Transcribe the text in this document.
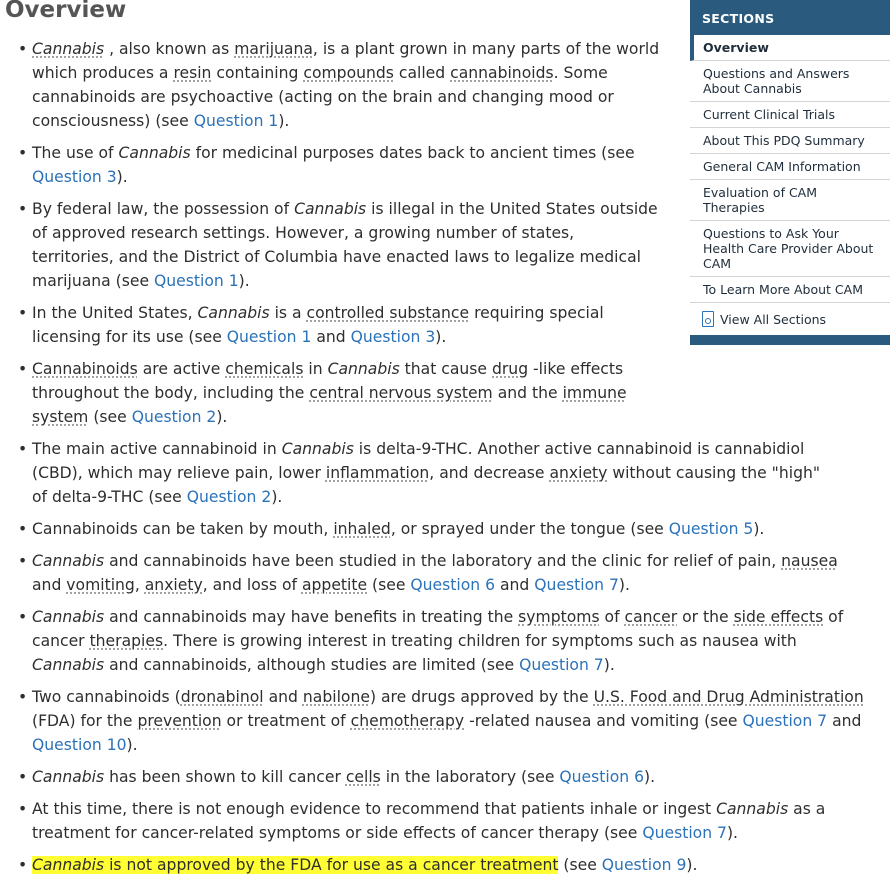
Overview
• Cannabis , also known as marijuana, is a plant grown in many parts of the world which produces a resin containing compounds called cannabinoids. Some cannabinoids are psychoactive (acting on the brain and changing mood or consciousness) (see Question 1).
• The use of Cannabis for medicinal purposes dates back to ancient times (see Question 3).
• By federal law, the possession of Cannabis is illegal in the United States outside of approved research settings. However, a growing number of states, territories, and the District of Columbia have enacted laws to legalize medical marijuana (see Question 1).
• In the United States, Cannabis is a controlled substance requiring special licensing for its use (see Question 1 and Question 3).
• Cannabinoids are active chemicals in Cannabis that cause drug -like effects throughout the body, including the central nervous system and the immune system (see Question 2).
• The main active cannabinoid in Cannabis is delta-9-THC. Another active cannabinoid is cannabidiol (CBD), which may relieve pain, lower inflammation, and decrease anxiety without causing the "high" of delta-9-THC (see Question 2).
• Cannabinoids can be taken by mouth, inhaled, or sprayed under the tongue (see Question 5).
• Cannabis and cannabinoids have been studied in the laboratory and the clinic for relief of pain, nausea and vomiting, anxiety, and loss of appetite (see Question 6 and Question 7).
• Cannabis and cannabinoids may have benefits in treating the symptoms of cancer or the side effects of cancer therapies. There is growing interest in treating children for symptoms such as nausea with Cannabis and cannabinoids, although studies are limited (see Question 7).
• Two cannabinoids (dronabinol and nabilone) are drugs approved by the U.S. Food and Drug Administration (FDA) for the prevention or treatment of chemotherapy -related nausea and vomiting (see Question 7 and Question 10).
• Cannabis has been shown to kill cancer cells in the laboratory (see Question 6).
• At this time, there is not enough evidence to recommend that patients inhale or ingest Cannabis as a treatment for cancer-related symptoms or side effects of cancer therapy (see Question 7).
• Cannabis is not approved by the FDA for use as a cancer treatment (see Question 9).
SECTIONS
Overview
Questions and Answers About Cannabis
Current Clinical Trials
About This PDQ Summary
General CAM Information
Evaluation of CAM Therapies
Questions to Ask Your Health Care Provider About CAM
To Learn More About CAM
View All Sections
